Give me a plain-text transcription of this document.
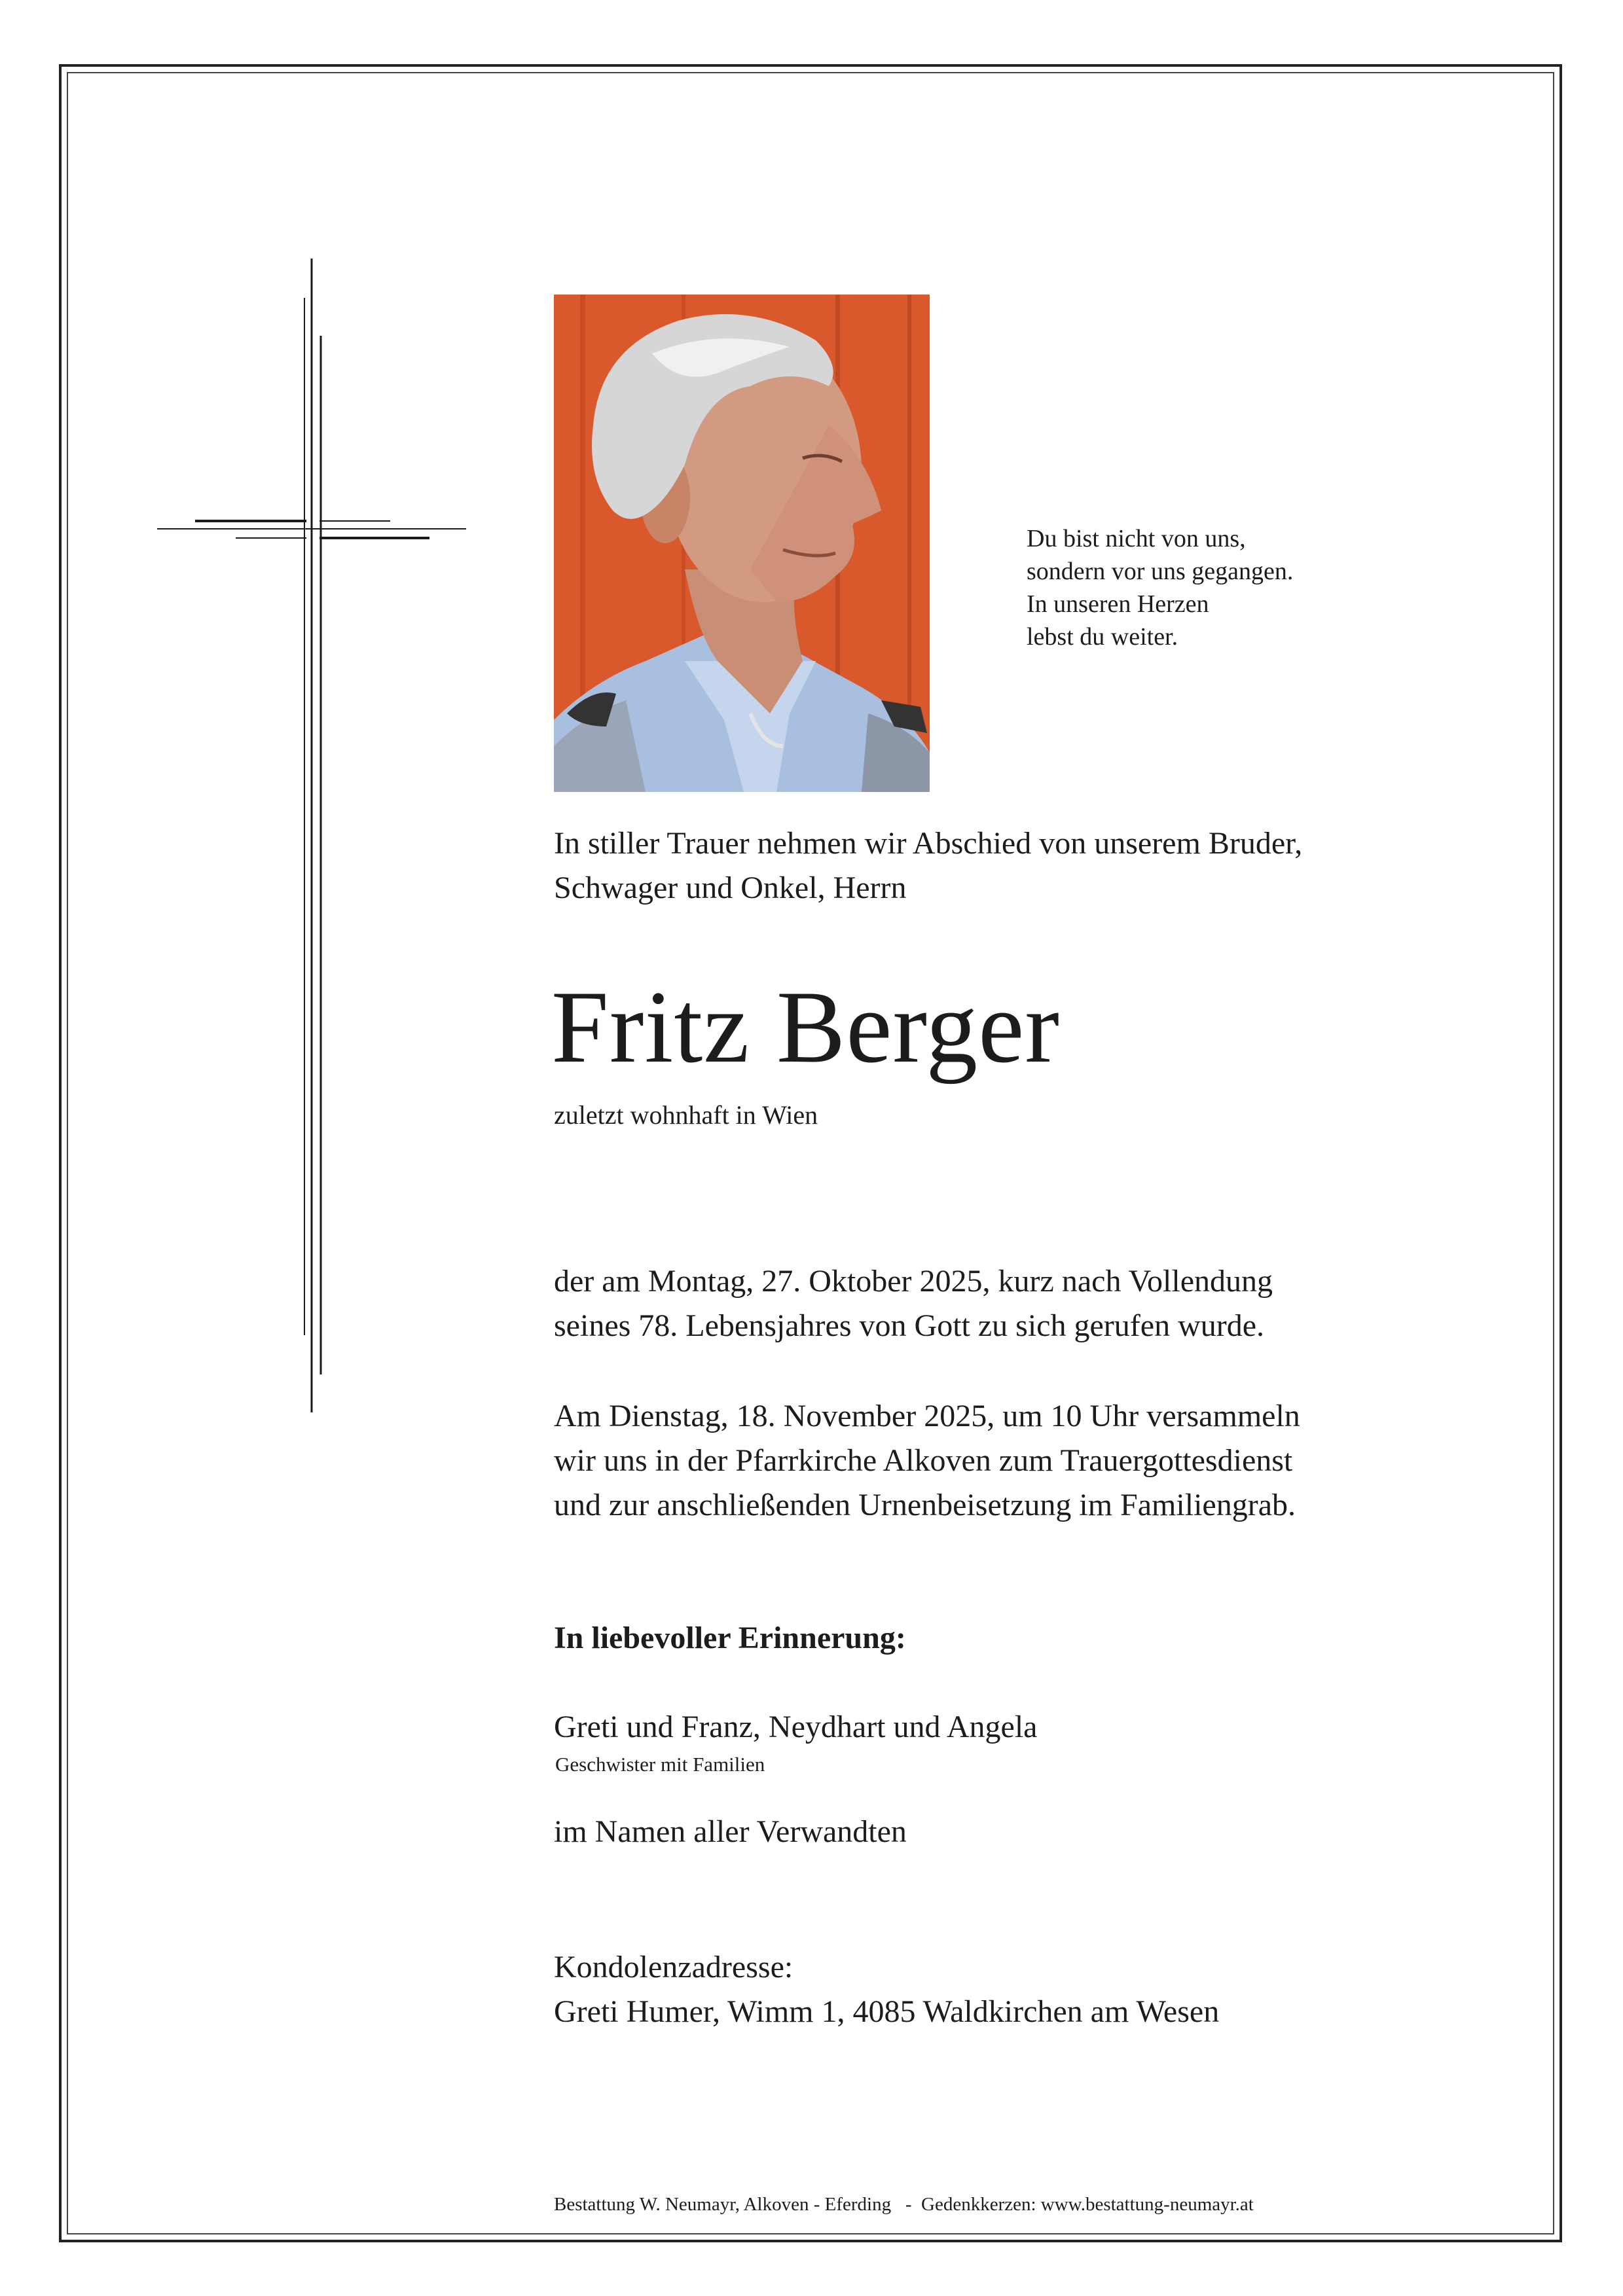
Du bist nicht von uns,
sondern vor uns gegangen.
In unseren Herzen
lebst du weiter.
In stiller Trauer nehmen wir Abschied von unserem Bruder,
Schwager und Onkel, Herrn
Fritz Berger
zuletzt wohnhaft in Wien
der am Montag, 27. Oktober 2025, kurz nach Vollendung
seines 78. Lebensjahres von Gott zu sich gerufen wurde.
Am Dienstag, 18. November 2025, um 10 Uhr versammeln
wir uns in der Pfarrkirche Alkoven zum Trauergottesdienst
und zur anschließenden Urnenbeisetzung im Familiengrab.
In liebevoller Erinnerung:
Greti und Franz, Neydhart und Angela
Geschwister mit Familien
im Namen aller Verwandten
Kondolenzadresse:
Greti Humer, Wimm 1, 4085 Waldkirchen am Wesen
Bestattung W. Neumayr, Alkoven - Eferding   -  Gedenkkerzen: www.bestattung-neumayr.at
